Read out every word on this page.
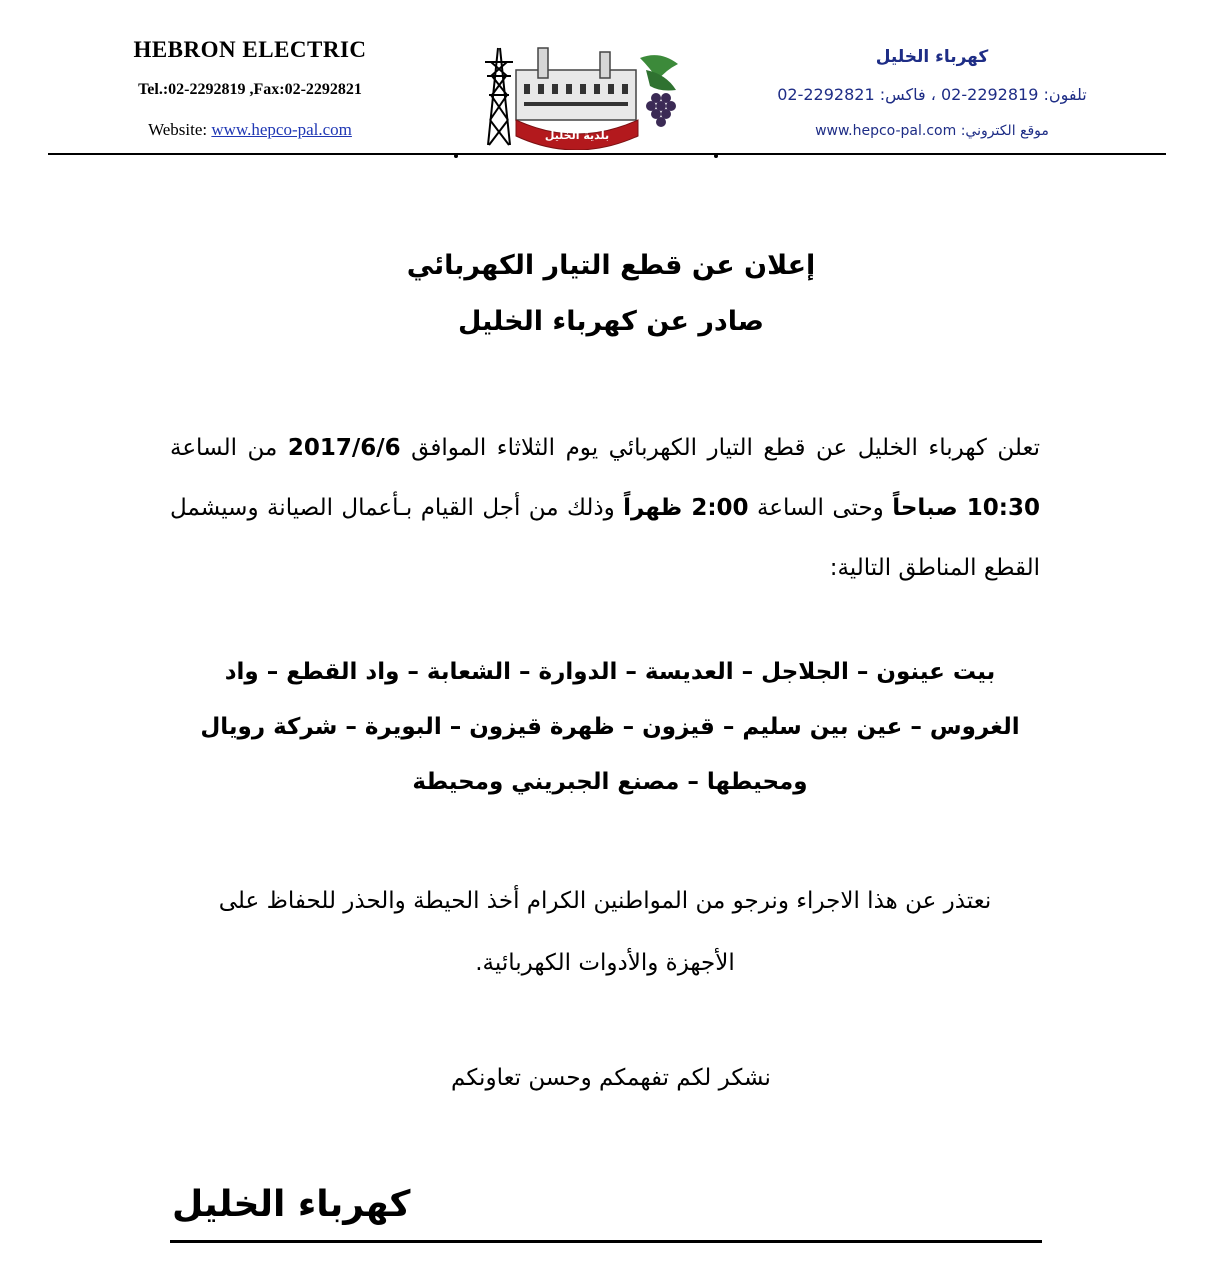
HEBRON ELECTRIC
Tel.:02-2292819 ,Fax:02-2292821
Website: www.hepco-pal.com	بلدية الخليل
كهرباء الخليل
تلفون: 2292819-02 ، فاكس: 2292821-02
موقع الكتروني: www.hepco-pal.com
إعلان عن قطع التيار الكهربائي
صادر عن كهرباء الخليل
تعلن كهرباء الخليل عن قطع التيار الكهربائي يوم الثلاثاء الموافق 2017/6/6 من الساعة 10:30 صباحاً وحتى الساعة 2:00 ظهراً وذلك من أجل القيام بـأعمال الصيانة وسيشمل القطع المناطق التالية:
بيت عينون – الجلاجل – العديسة – الدوارة – الشعابة – واد القطع – واد الغروس – عين بين سليم – قيزون – ظهرة قيزون – البويرة – شركة رويال ومحيطها – مصنع الجبريني ومحيطة
نعتذر عن هذا الاجراء ونرجو من المواطنين الكرام أخذ الحيطة والحذر للحفاظ على الأجهزة والأدوات الكهربائية.
نشكر لكم تفهمكم وحسن تعاونكم
كهرباء الخليل
